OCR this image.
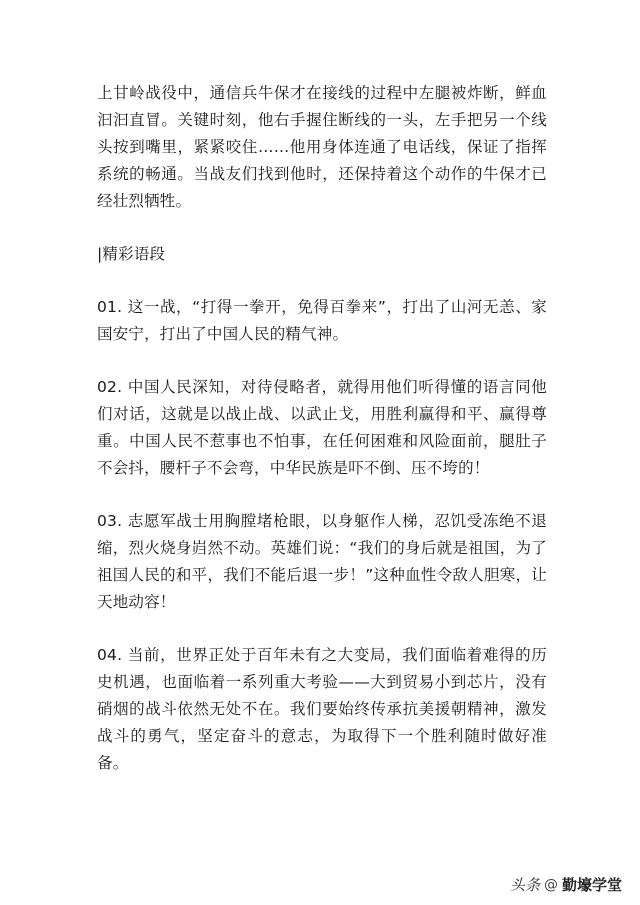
上甘岭战役中，通信兵牛保才在接线的过程中左腿被炸断，鲜血汩汩直冒。关键时刻，他右手握住断线的一头，左手把另一个线头按到嘴里，紧紧咬住……他用身体连通了电话线，保证了指挥系统的畅通。当战友们找到他时，还保持着这个动作的牛保才已经壮烈牺牲。

|精彩语段

01. 这一战，“打得一拳开，免得百拳来”，打出了山河无恙、家国安宁，打出了中国人民的精气神。

02. 中国人民深知，对待侵略者，就得用他们听得懂的语言同他们对话，这就是以战止战、以武止戈，用胜利赢得和平、赢得尊重。中国人民不惹事也不怕事，在任何困难和风险面前，腿肚子不会抖，腰杆子不会弯，中华民族是吓不倒、压不垮的！

03. 志愿军战士用胸膛堵枪眼，以身躯作人梯，忍饥受冻绝不退缩，烈火烧身岿然不动。英雄们说：“我们的身后就是祖国，为了祖国人民的和平，我们不能后退一步！”这种血性令敌人胆寒，让天地动容！

04. 当前，世界正处于百年未有之大变局，我们面临着难得的历史机遇，也面临着一系列重大考验——大到贸易小到芯片，没有硝烟的战斗依然无处不在。我们要始终传承抗美援朝精神，激发战斗的勇气，坚定奋斗的意志，为取得下一个胜利随时做好准备。

头条 @ 勤壕学堂
